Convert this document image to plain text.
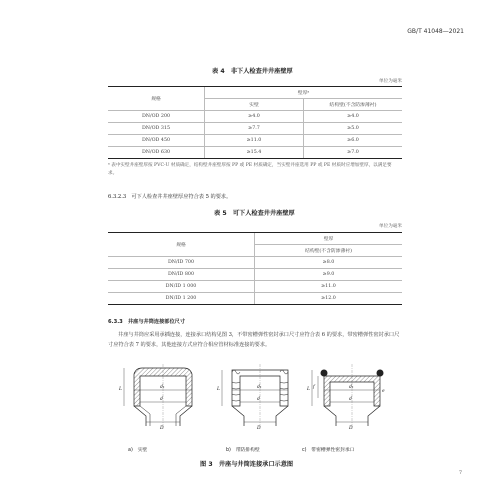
GB/T 41048—2021
表 4　非下人检查井井座壁厚
单位为毫米
规格	壁厚ᵃ	
	实壁	结构壁(不含防渗薄衬)
DN/OD 200	≥4.0	≥4.0
DN/OD 315	≥7.7	≥5.0
DN/OD 450	≥11.0	≥6.0
DN/OD 630	≥15.4	≥7.0
ᵃ 表中实壁井座壁厚按 PVC-U 材质确定，结构壁井座壁厚按 PP 或 PE 材质确定，当实壁井座选用 PP 或 PE 材质时应增加壁厚，以满足要求。
6.3.2.3　可下人检查井井座壁厚应符合表 5 的要求。
表 5　可下人检查井井座壁厚
单位为毫米
规格	壁厚
	结构壁(不含防渗薄衬)
DN/ID 700	≥8.0
DN/ID 800	≥9.0
DN/ID 1 000	≥11.0
DN/ID 1 200	≥12.0
6.3.3　井座与井筒连接部位尺寸
井座与井筒应采用承插连接，连接承口结构见图 3，不带密槽弹性密封承口尺寸应符合表 6 的要求，带密槽弹性密封承口尺寸应符合表 7 的要求，其他连接方式应符合相应管材标准连接的要求。
L	d₁
d
D
L	d₁
d
D
L f	d₁
d
D
e
a)　实壁	b)　带防排构壁	c)　带密槽弹性密封承口
图 3　井座与井筒连接承口示意图
7
